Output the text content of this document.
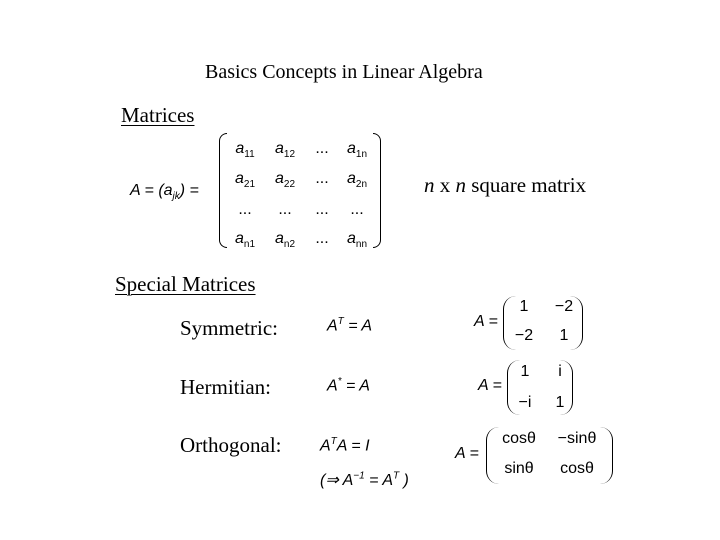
Basics Concepts in Linear Algebra
Matrices
$A = (a_{jk})$ =
$a_{11}$	$a_{12}$	...	$a_{1n}$
$a_{21}$	$a_{22}$	...	$a_{2n}$
...	...	...	...
$a_{n1}$	$a_{n2}$	...	$a_{nn}$
n x n square matrix
Special Matrices
Symmetric:	$A^T = A$	A =
1	−2
−2	1
Hermitian:	A* = A	A =
1	i
−i	1
Orthogonal: $A^TA = I$
(⇒ $A^{-1} = A^T$ )
A =
cosθ	−sinθ
sinθ	cosθ
